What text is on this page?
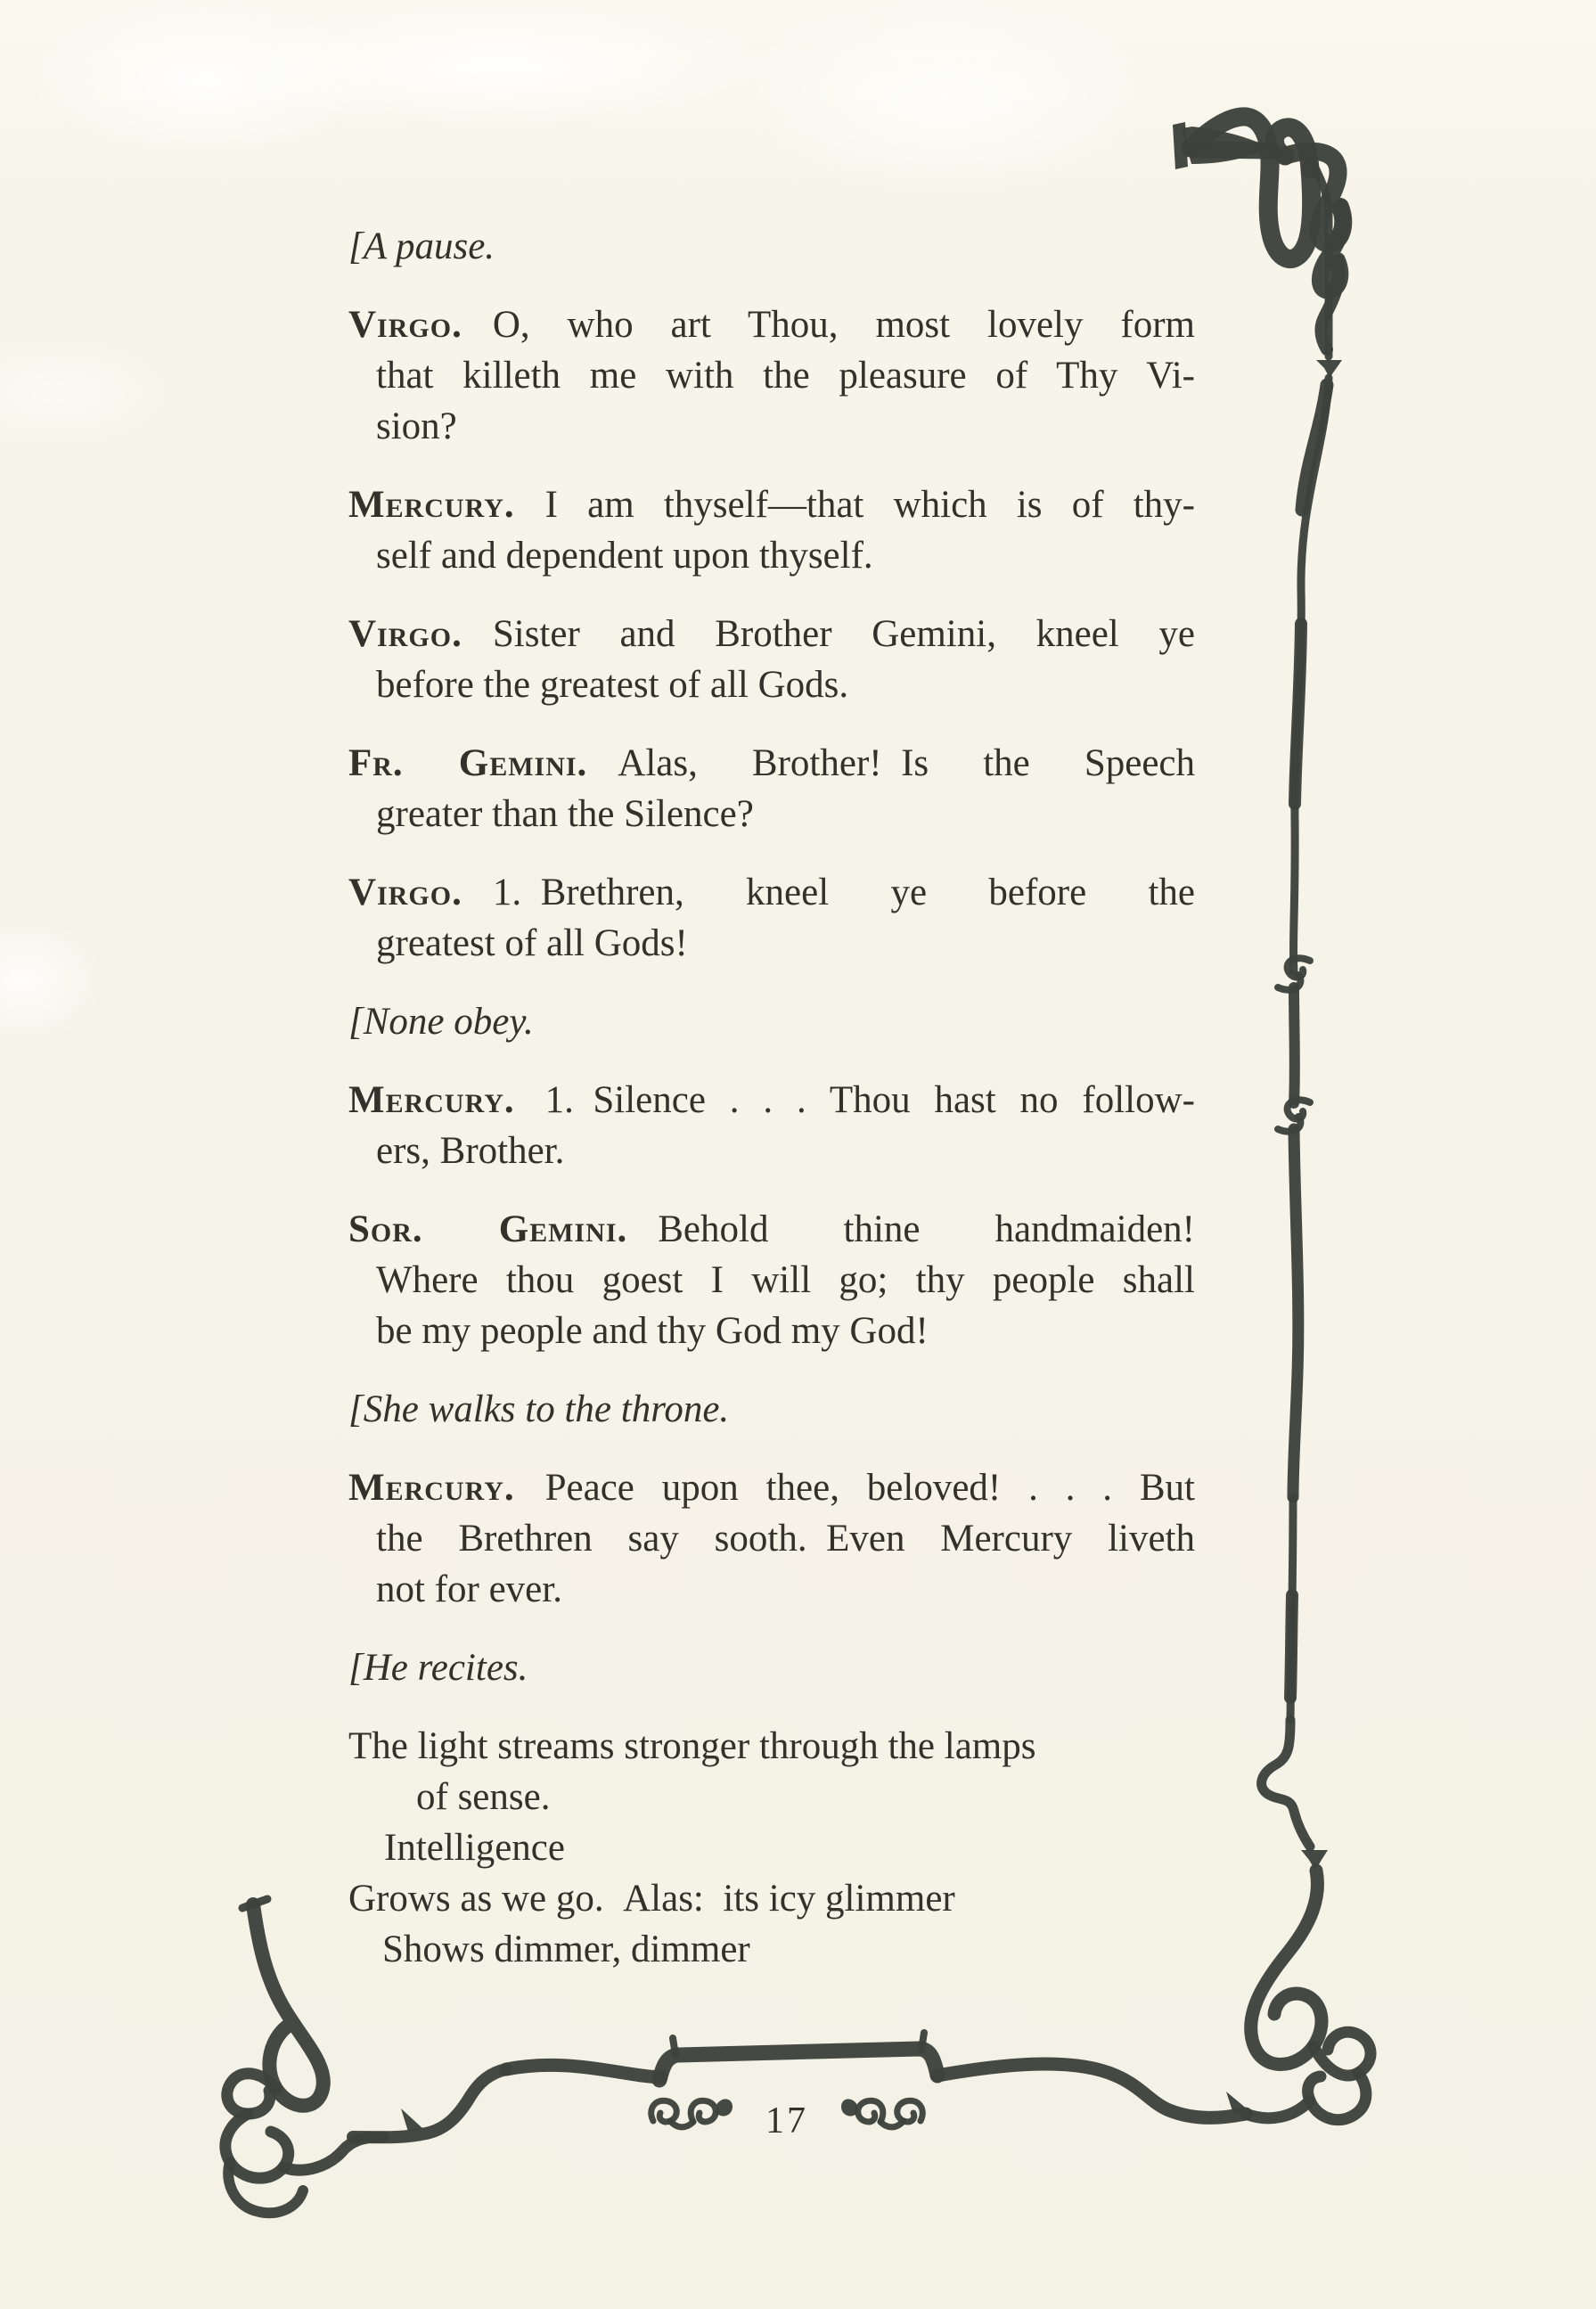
[A pause.
Virgo. O, who art Thou, most lovely form
that killeth me with the pleasure of Thy Vi-
sion?
Mercury. I am thyself—that which is of thy-
self and dependent upon thyself.
Virgo. Sister and Brother Gemini, kneel ye
before the greatest of all Gods.
Fr. Gemini. Alas, Brother! Is the Speech
greater than the Silence?
Virgo. 1. Brethren, kneel ye before the
greatest of all Gods!
[None obey.
Mercury. 1. Silence . . . Thou hast no follow-
ers, Brother.
Sor. Gemini. Behold thine handmaiden!
Where thou goest I will go; thy people shall
be my people and thy God my God!
[She walks to the throne.
Mercury. Peace upon thee, beloved! . . . But
the Brethren say sooth. Even Mercury liveth
not for ever.
[He recites.
The light streams stronger through the lamps
of sense.
Intelligence
Grows as we go. Alas: its icy glimmer
Shows dimmer, dimmer
17
